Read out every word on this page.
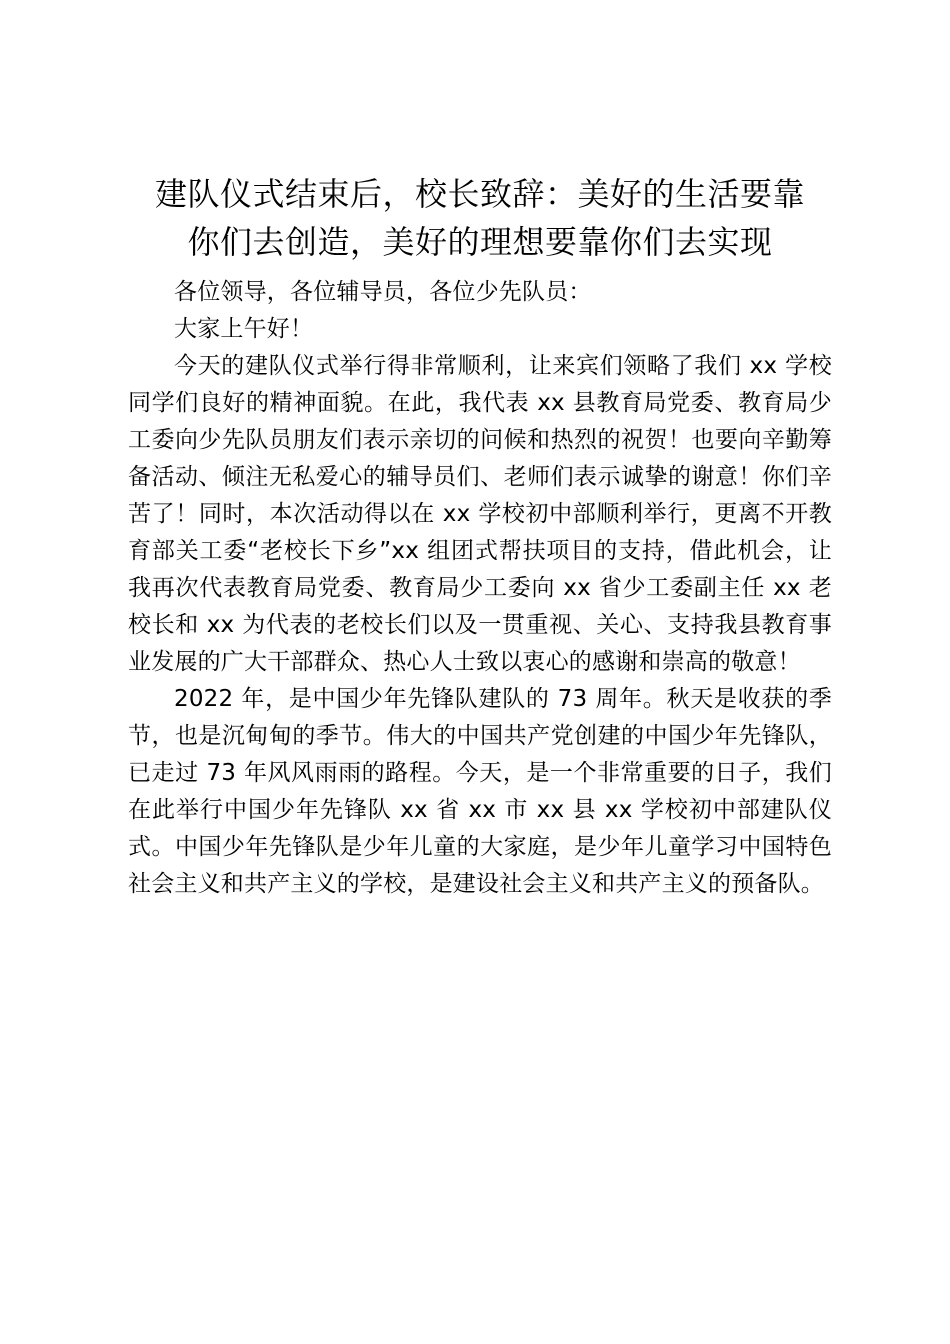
建队仪式结束后，校长致辞：美好的生活要靠
你们去创造，美好的理想要靠你们去实现

各位领导，各位辅导员，各位少先队员：

大家上午好！

今天的建队仪式举行得非常顺利，让来宾们领略了我们 xx 学校同学们良好的精神面貌。在此，我代表 xx 县教育局党委、教育局少工委向少先队员朋友们表示亲切的问候和热烈的祝贺！也要向辛勤筹备活动、倾注无私爱心的辅导员们、老师们表示诚挚的谢意！你们辛苦了！同时，本次活动得以在 xx 学校初中部顺利举行，更离不开教育部关工委“老校长下乡”xx 组团式帮扶项目的支持，借此机会，让我再次代表教育局党委、教育局少工委向 xx 省少工委副主任 xx 老校长和 xx 为代表的老校长们以及一贯重视、关心、支持我县教育事业发展的广大干部群众、热心人士致以衷心的感谢和崇高的敬意！

2022 年，是中国少年先锋队建队的 73 周年。秋天是收获的季节，也是沉甸甸的季节。伟大的中国共产党创建的中国少年先锋队，已走过 73 年风风雨雨的路程。今天，是一个非常重要的日子，我们在此举行中国少年先锋队 xx 省 xx 市 xx 县 xx 学校初中部建队仪式。中国少年先锋队是少年儿童的大家庭，是少年儿童学习中国特色社会主义和共产主义的学校，是建设社会主义和共产主义的预备队。
